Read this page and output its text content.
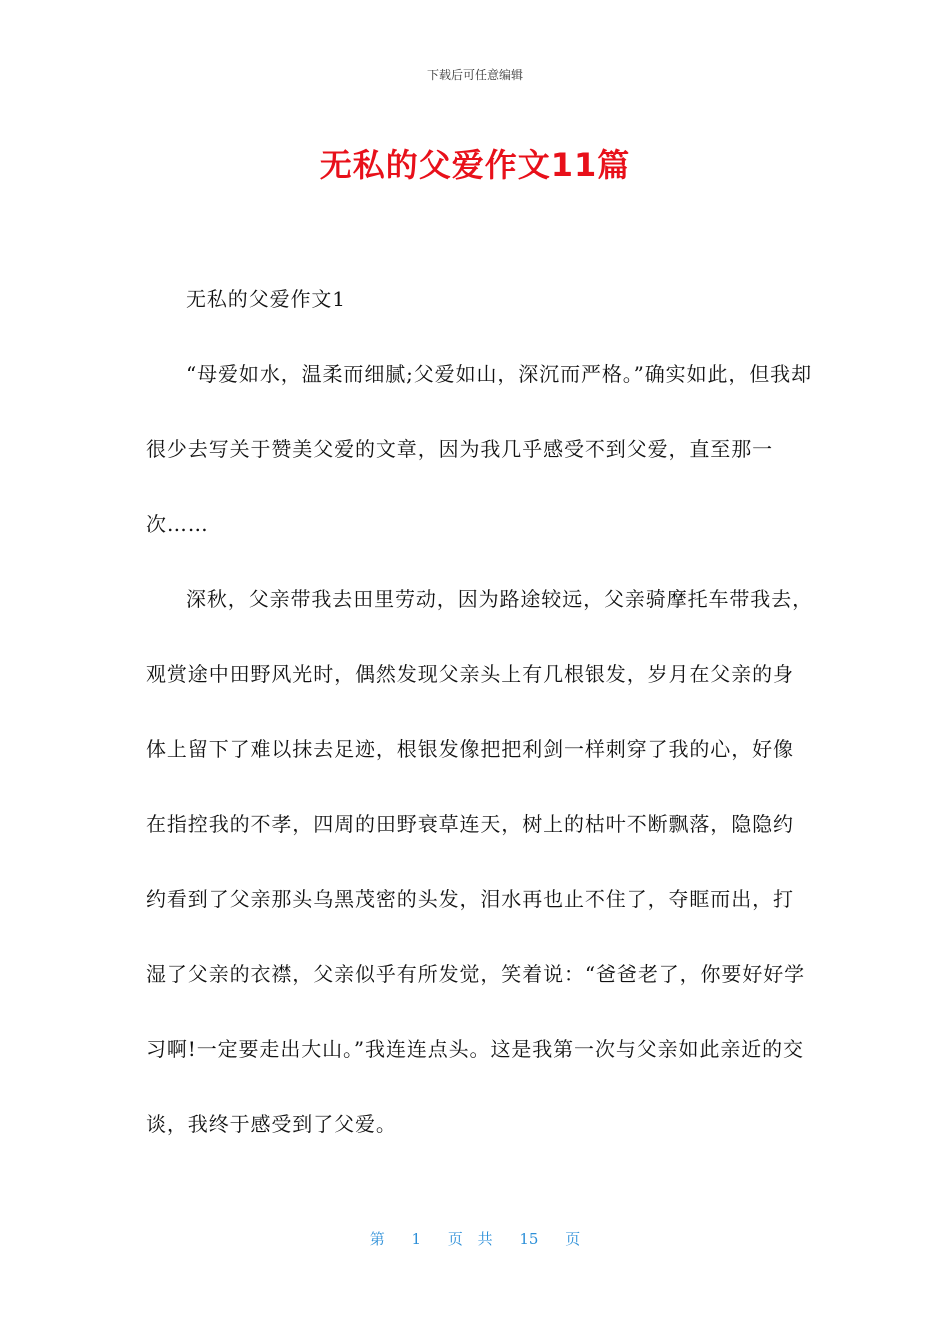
下载后可任意编辑
无私的父爱作文11篇

无私的父爱作文1

“母爱如水，温柔而细腻;父爱如山，深沉而严格。”确实如此，但我却很少去写关于赞美父爱的文章，因为我几乎感受不到父爱，直至那一次……

深秋，父亲带我去田里劳动，因为路途较远，父亲骑摩托车带我去，观赏途中田野风光时，偶然发现父亲头上有几根银发，岁月在父亲的身体上留下了难以抹去足迹，根银发像把把利剑一样刺穿了我的心，好像在指控我的不孝，四周的田野衰草连天，树上的枯叶不断飘落，隐隐约约看到了父亲那头乌黑茂密的头发，泪水再也止不住了，夺眶而出，打湿了父亲的衣襟，父亲似乎有所发觉，笑着说：“爸爸老了，你要好好学习啊!一定要走出大山。”我连连点头。这是我第一次与父亲如此亲近的交谈，我终于感受到了父爱。

第 1 页 共 15 页
